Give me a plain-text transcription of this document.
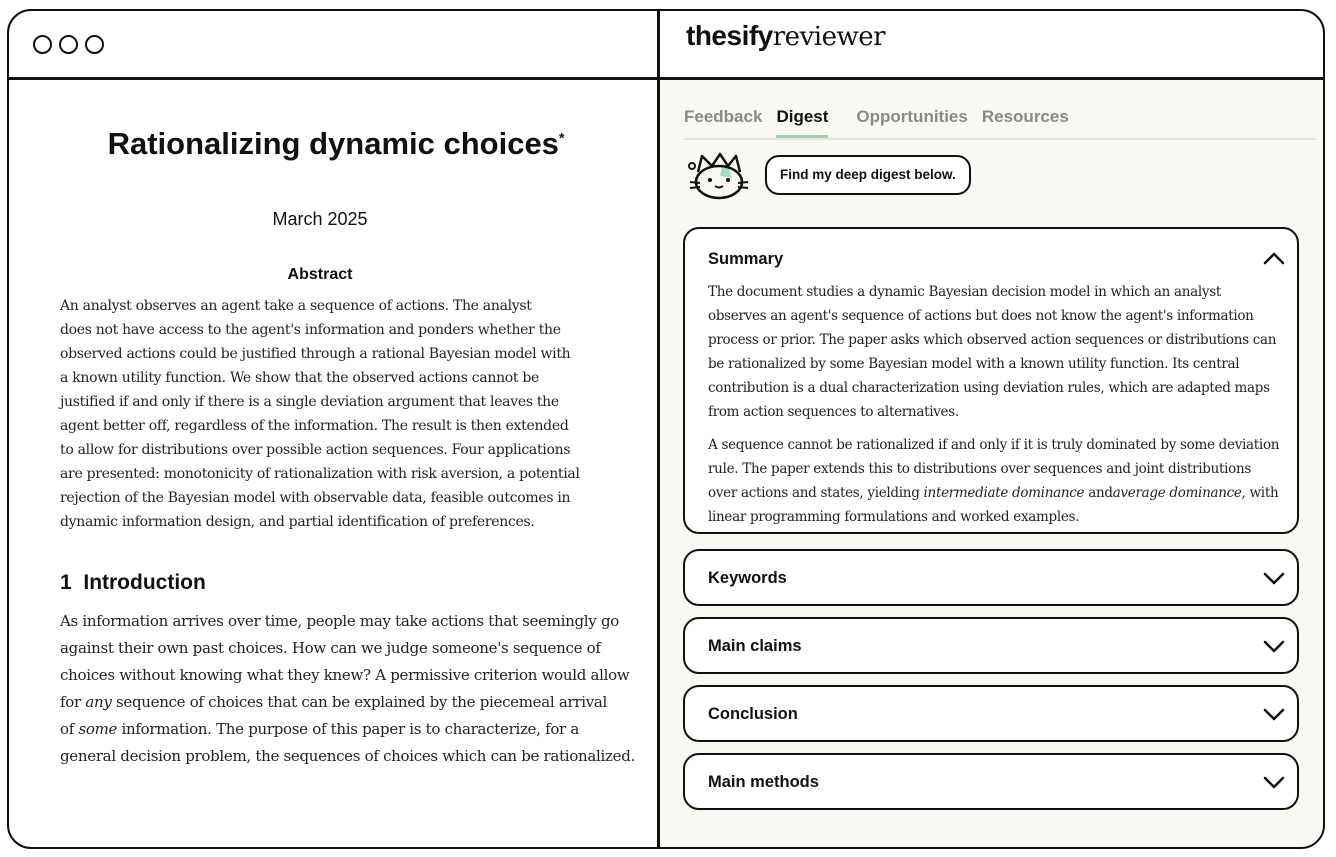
thesifyreviewer
Rationalizing dynamic choices*
March 2025
Abstract
An analyst observes an agent take a sequence of actions. The analyst
does not have access to the agent's information and ponders whether the
observed actions could be justified through a rational Bayesian model with
a known utility function. We show that the observed actions cannot be
justified if and only if there is a single deviation argument that leaves the
agent better off, regardless of the information. The result is then extended
to allow for distributions over possible action sequences. Four applications
are presented: monotonicity of rationalization with risk aversion, a potential
rejection of the Bayesian model with observable data, feasible outcomes in
dynamic information design, and partial identification of preferences.
1 Introduction
As information arrives over time, people may take actions that seemingly go
against their own past choices. How can we judge someone's sequence of
choices without knowing what they knew? A permissive criterion would allow
for any sequence of choices that can be explained by the piecemeal arrival
of some information. The purpose of this paper is to characterize, for a
general decision problem, the sequences of choices which can be rationalized.
Feedback Digest Opportunities Resources
Find my deep digest below.
Summary

The document studies a dynamic Bayesian decision model in which an analyst observes an agent's sequence of actions but does not know the agent's information process or prior. The paper asks which observed action sequences or distributions can be rationalized by some Bayesian model with a known utility function. Its central contribution is a dual characterization using deviation rules, which are adapted maps from action sequences to alternatives.

A sequence cannot be rationalized if and only if it is truly dominated by some deviation rule. The paper extends this to distributions over sequences and joint distributions over actions and states, yielding intermediate dominance andaverage dominance, with linear programming formulations and worked examples.

Keywords
Main claims
Conclusion
Main methods
